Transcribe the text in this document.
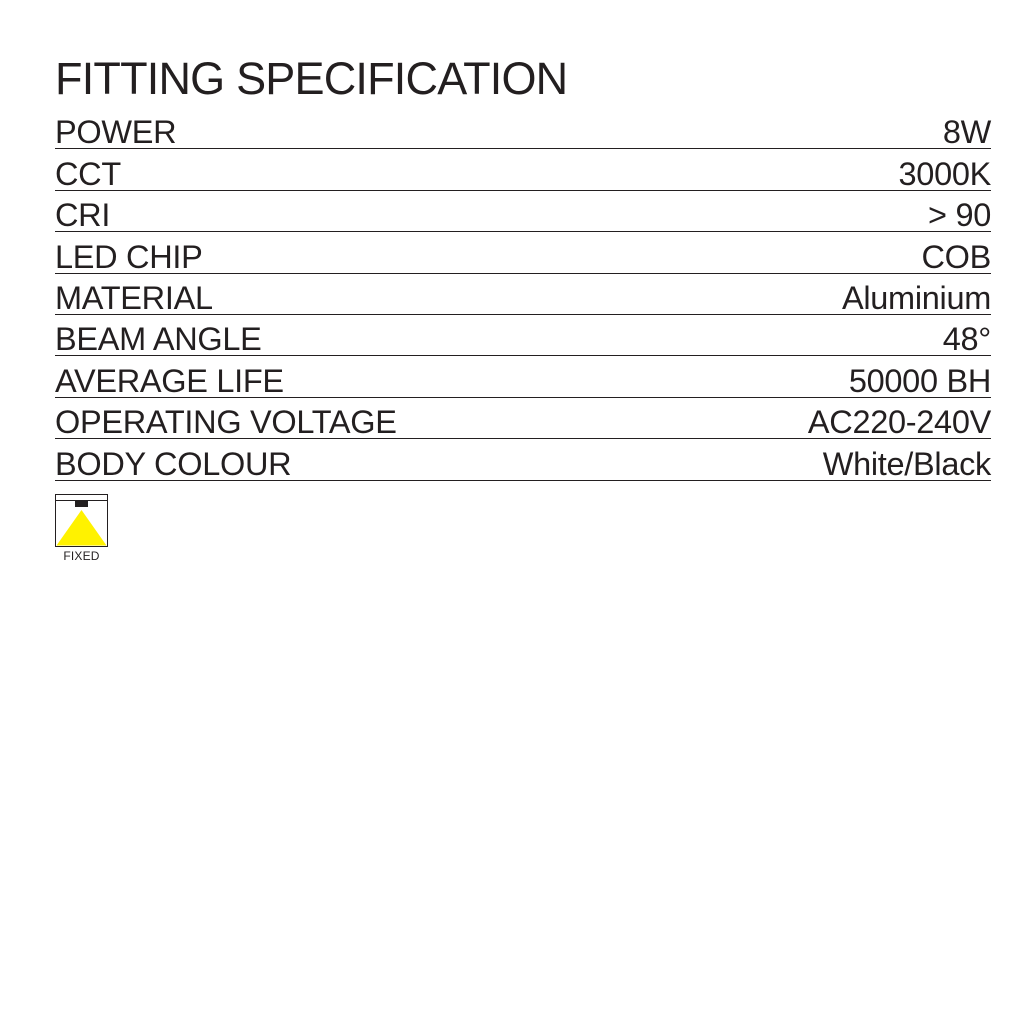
FITTING SPECIFICATION
POWER	8W
CCT	3000K
CRI	> 90
LED CHIP	COB
MATERIAL	Aluminium
BEAM ANGLE	48°
AVERAGE LIFE	50000 BH
OPERATING VOLTAGE	AC220-240V
BODY COLOUR	White/Black
FIXED
